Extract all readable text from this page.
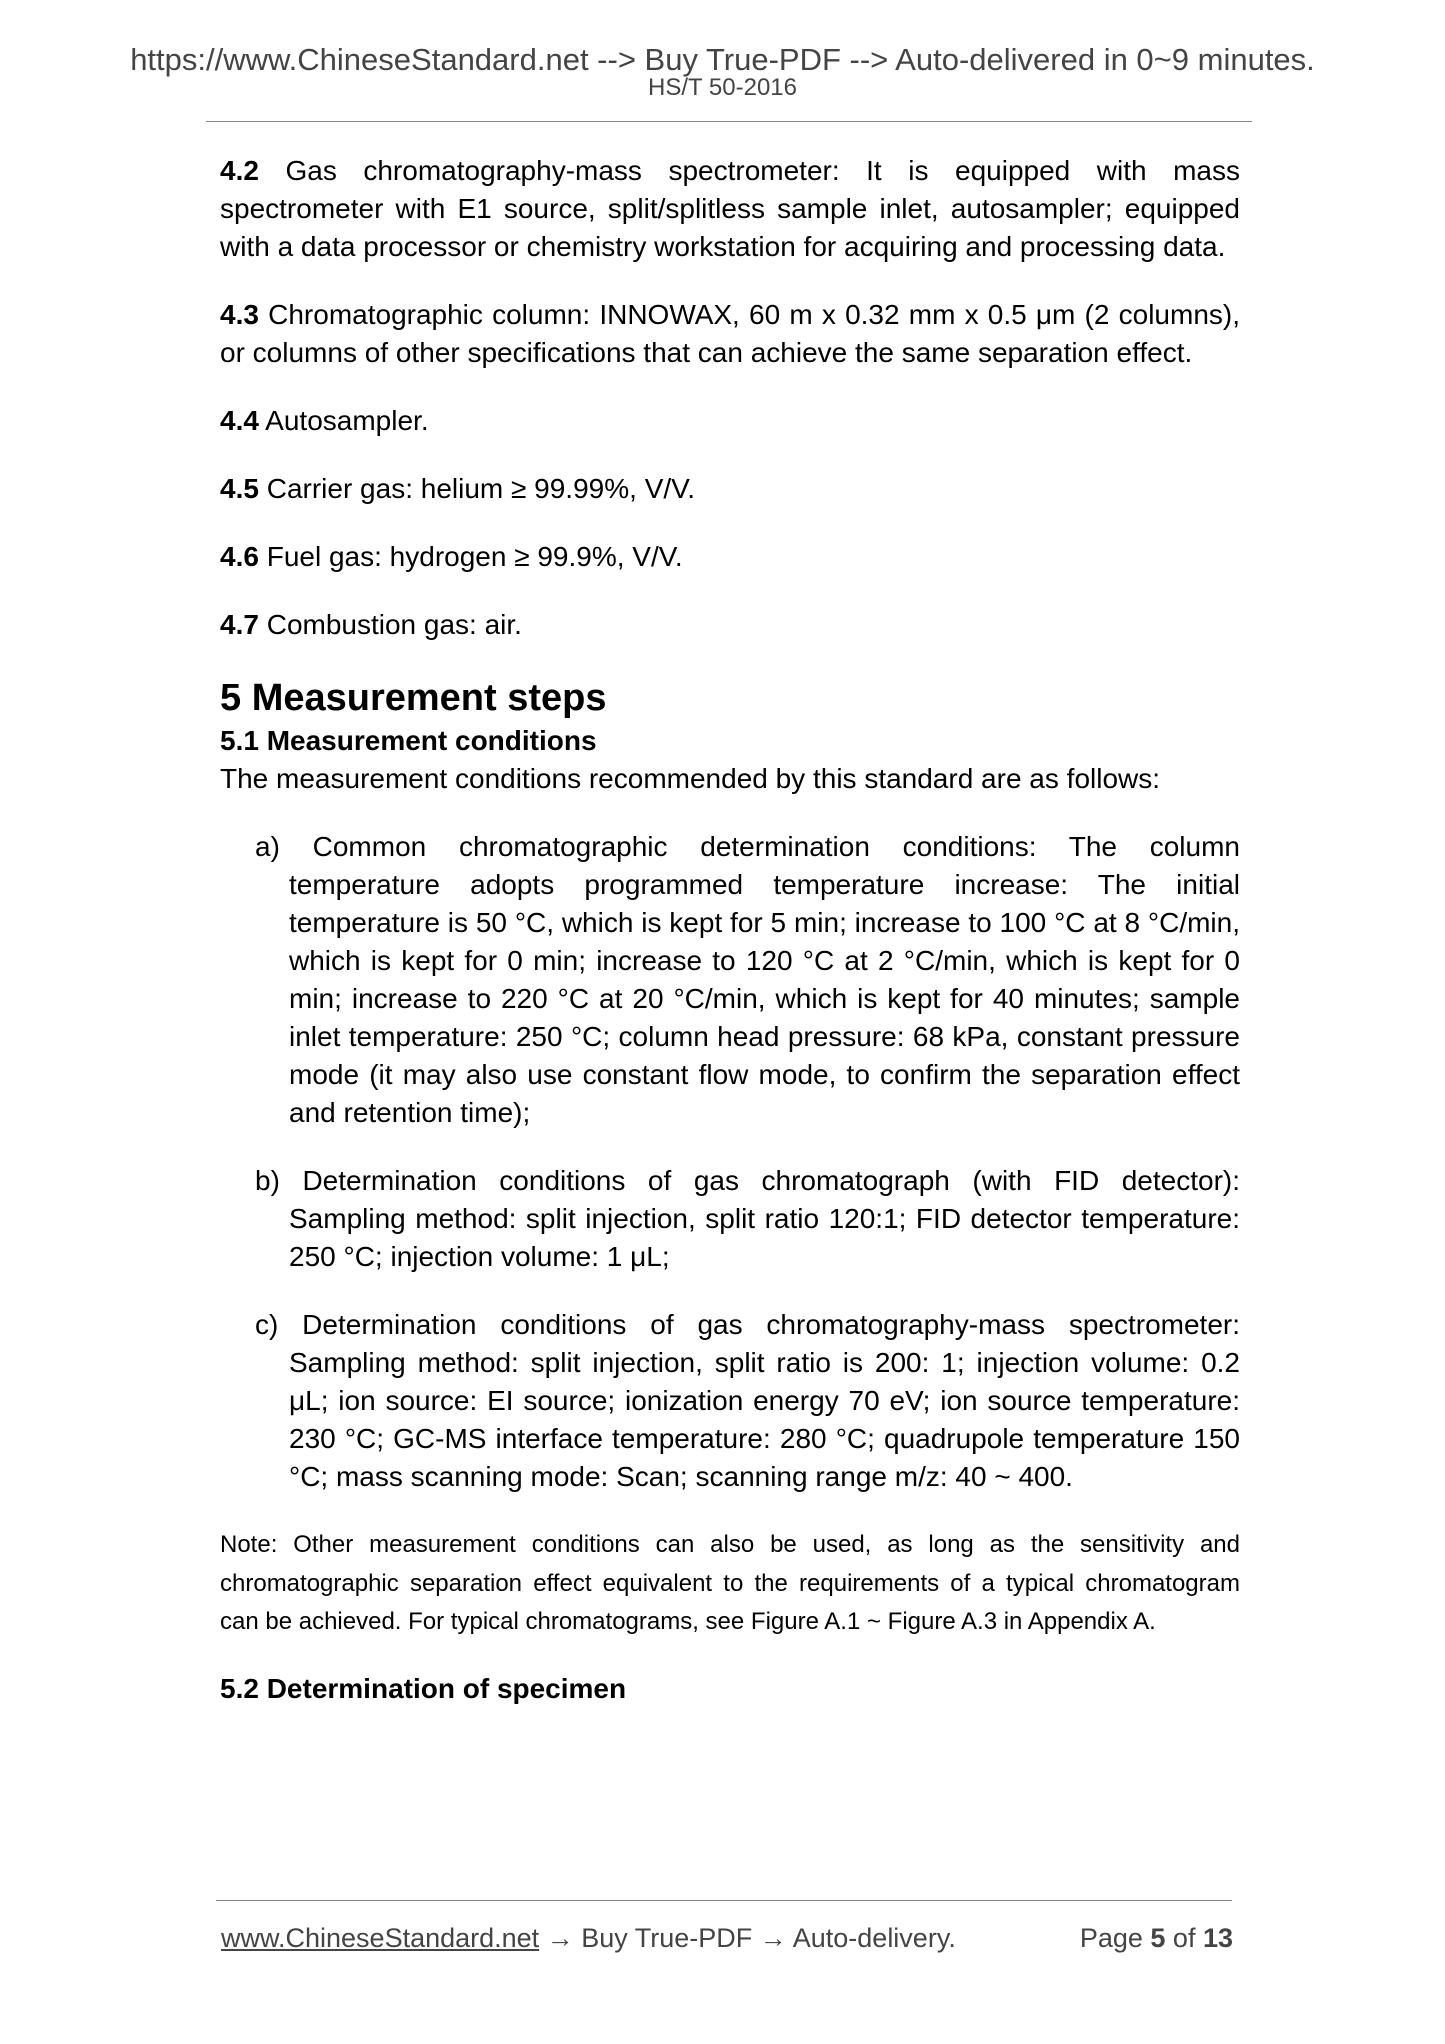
https://www.ChineseStandard.net --> Buy True-PDF --> Auto-delivered in 0~9 minutes.
HS/T 50-2016

4.2 Gas chromatography-mass spectrometer: It is equipped with mass spectrometer with E1 source, split/splitless sample inlet, autosampler; equipped with a data processor or chemistry workstation for acquiring and processing data.

4.3 Chromatographic column: INNOWAX, 60 m x 0.32 mm x 0.5 μm (2 columns), or columns of other specifications that can achieve the same separation effect.

4.4 Autosampler.

4.5 Carrier gas: helium ≥ 99.99%, V/V.

4.6 Fuel gas: hydrogen ≥ 99.9%, V/V.

4.7 Combustion gas: air.

5 Measurement steps

5.1 Measurement conditions

The measurement conditions recommended by this standard are as follows:

a) Common chromatographic determination conditions: The column temperature adopts programmed temperature increase: The initial temperature is 50 °C, which is kept for 5 min; increase to 100 °C at 8 °C/min, which is kept for 0 min; increase to 120 °C at 2 °C/min, which is kept for 0 min; increase to 220 °C at 20 °C/min, which is kept for 40 minutes; sample inlet temperature: 250 °C; column head pressure: 68 kPa, constant pressure mode (it may also use constant flow mode, to confirm the separation effect and retention time);

b) Determination conditions of gas chromatograph (with FID detector): Sampling method: split injection, split ratio 120:1; FID detector temperature: 250 °C; injection volume: 1 μL;

c) Determination conditions of gas chromatography-mass spectrometer: Sampling method: split injection, split ratio is 200: 1; injection volume: 0.2 μL; ion source: EI source; ionization energy 70 eV; ion source temperature: 230 °C; GC-MS interface temperature: 280 °C; quadrupole temperature 150 °C; mass scanning mode: Scan; scanning range m/z: 40 ~ 400.

Note: Other measurement conditions can also be used, as long as the sensitivity and chromatographic separation effect equivalent to the requirements of a typical chromatogram can be achieved. For typical chromatograms, see Figure A.1 ~ Figure A.3 in Appendix A.

5.2 Determination of specimen

www.ChineseStandard.net → Buy True-PDF → Auto-delivery.	Page 5 of 13
